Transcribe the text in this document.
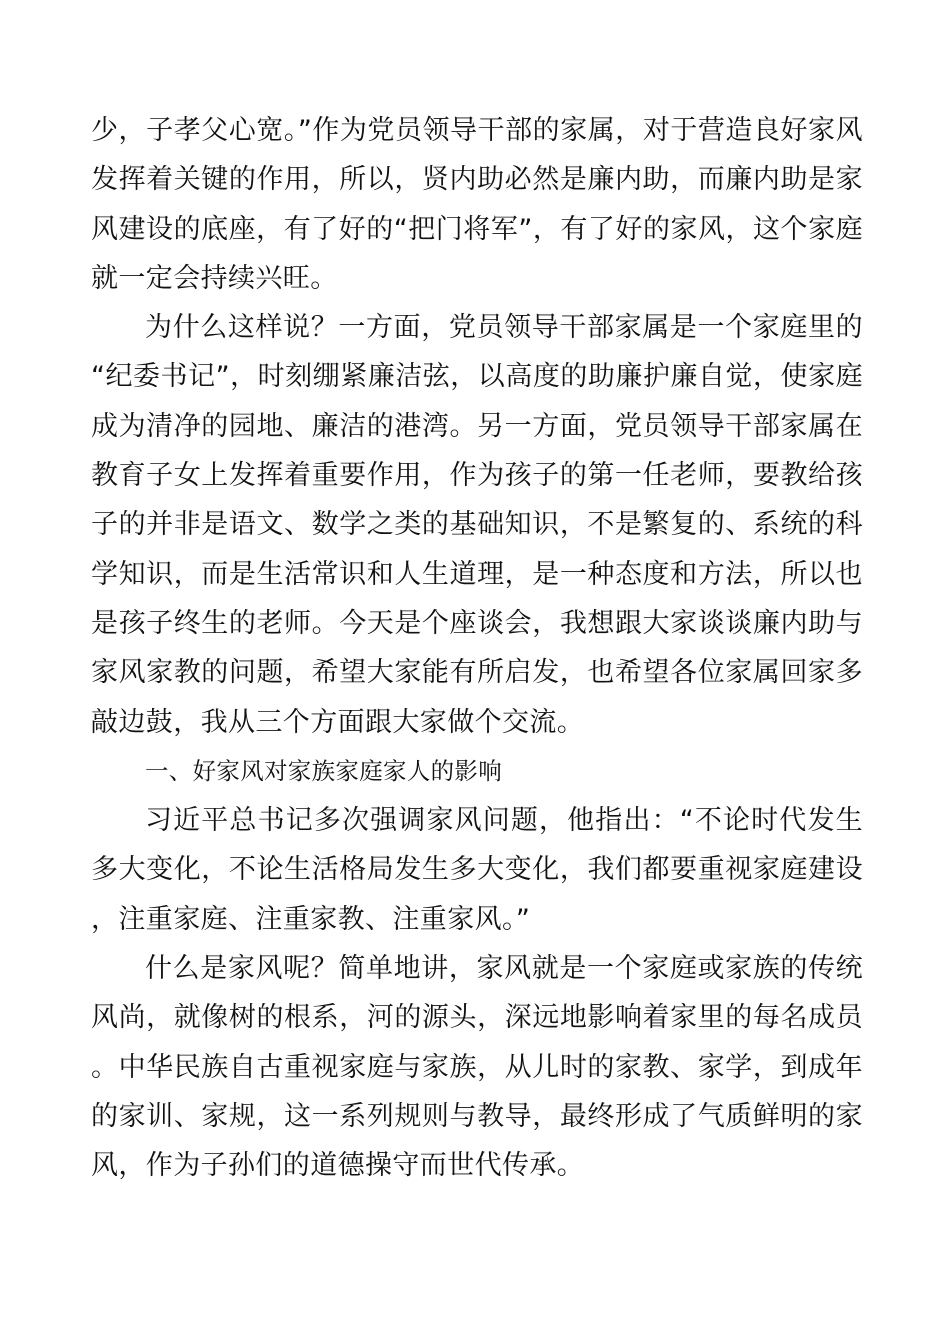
少，子孝父心宽。”作为党员领导干部的家属，对于营造良好家风发挥着关键的作用，所以，贤内助必然是廉内助，而廉内助是家风建设的底座，有了好的“把门将军”，有了好的家风，这个家庭就一定会持续兴旺。

为什么这样说？一方面，党员领导干部家属是一个家庭里的“纪委书记”，时刻绷紧廉洁弦，以高度的助廉护廉自觉，使家庭成为清净的园地、廉洁的港湾。另一方面，党员领导干部家属在教育子女上发挥着重要作用，作为孩子的第一任老师，要教给孩子的并非是语文、数学之类的基础知识，不是繁复的、系统的科学知识，而是生活常识和人生道理，是一种态度和方法，所以也是孩子终生的老师。今天是个座谈会，我想跟大家谈谈廉内助与家风家教的问题，希望大家能有所启发，也希望各位家属回家多敲边鼓，我从三个方面跟大家做个交流。

一、好家风对家族家庭家人的影响

习近平总书记多次强调家风问题，他指出：“不论时代发生多大变化，不论生活格局发生多大变化，我们都要重视家庭建设，注重家庭、注重家教、注重家风。”

什么是家风呢？简单地讲，家风就是一个家庭或家族的传统风尚，就像树的根系，河的源头，深远地影响着家里的每名成员。中华民族自古重视家庭与家族，从儿时的家教、家学，到成年的家训、家规，这一系列规则与教导，最终形成了气质鲜明的家风，作为子孙们的道德操守而世代传承。
